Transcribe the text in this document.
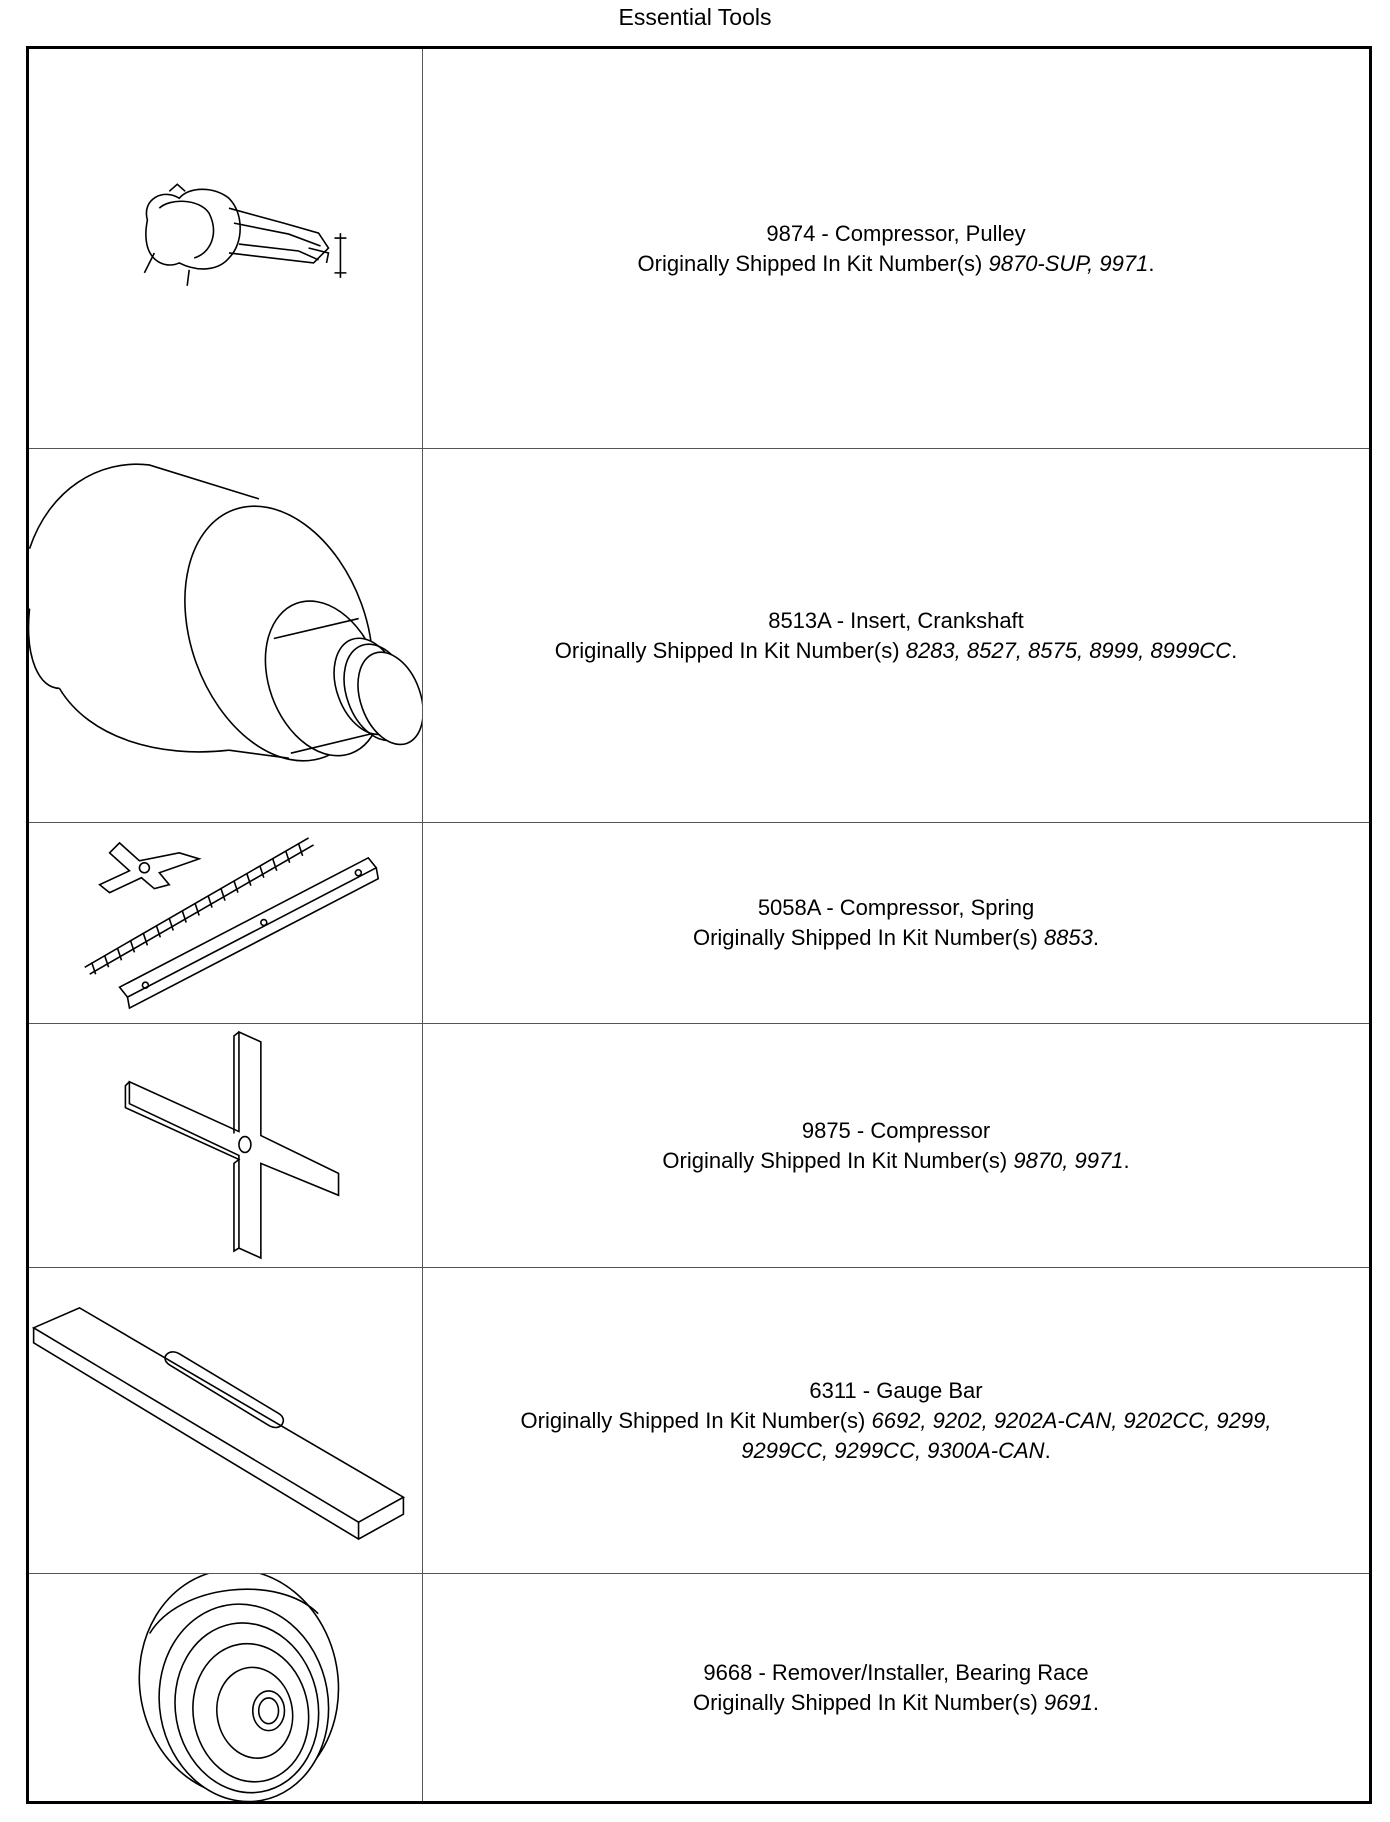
Essential Tools

9874 - Compressor, Pulley
Originally Shipped In Kit Number(s) 9870-SUP, 9971.

8513A - Insert, Crankshaft
Originally Shipped In Kit Number(s) 8283, 8527, 8575, 8999, 8999CC.

5058A - Compressor, Spring
Originally Shipped In Kit Number(s) 8853.

9875 - Compressor
Originally Shipped In Kit Number(s) 9870, 9971.

6311 - Gauge Bar
Originally Shipped In Kit Number(s) 6692, 9202, 9202A-CAN, 9202CC, 9299,
9299CC, 9299CC, 9300A-CAN.

9668 - Remover/Installer, Bearing Race
Originally Shipped In Kit Number(s) 9691.
